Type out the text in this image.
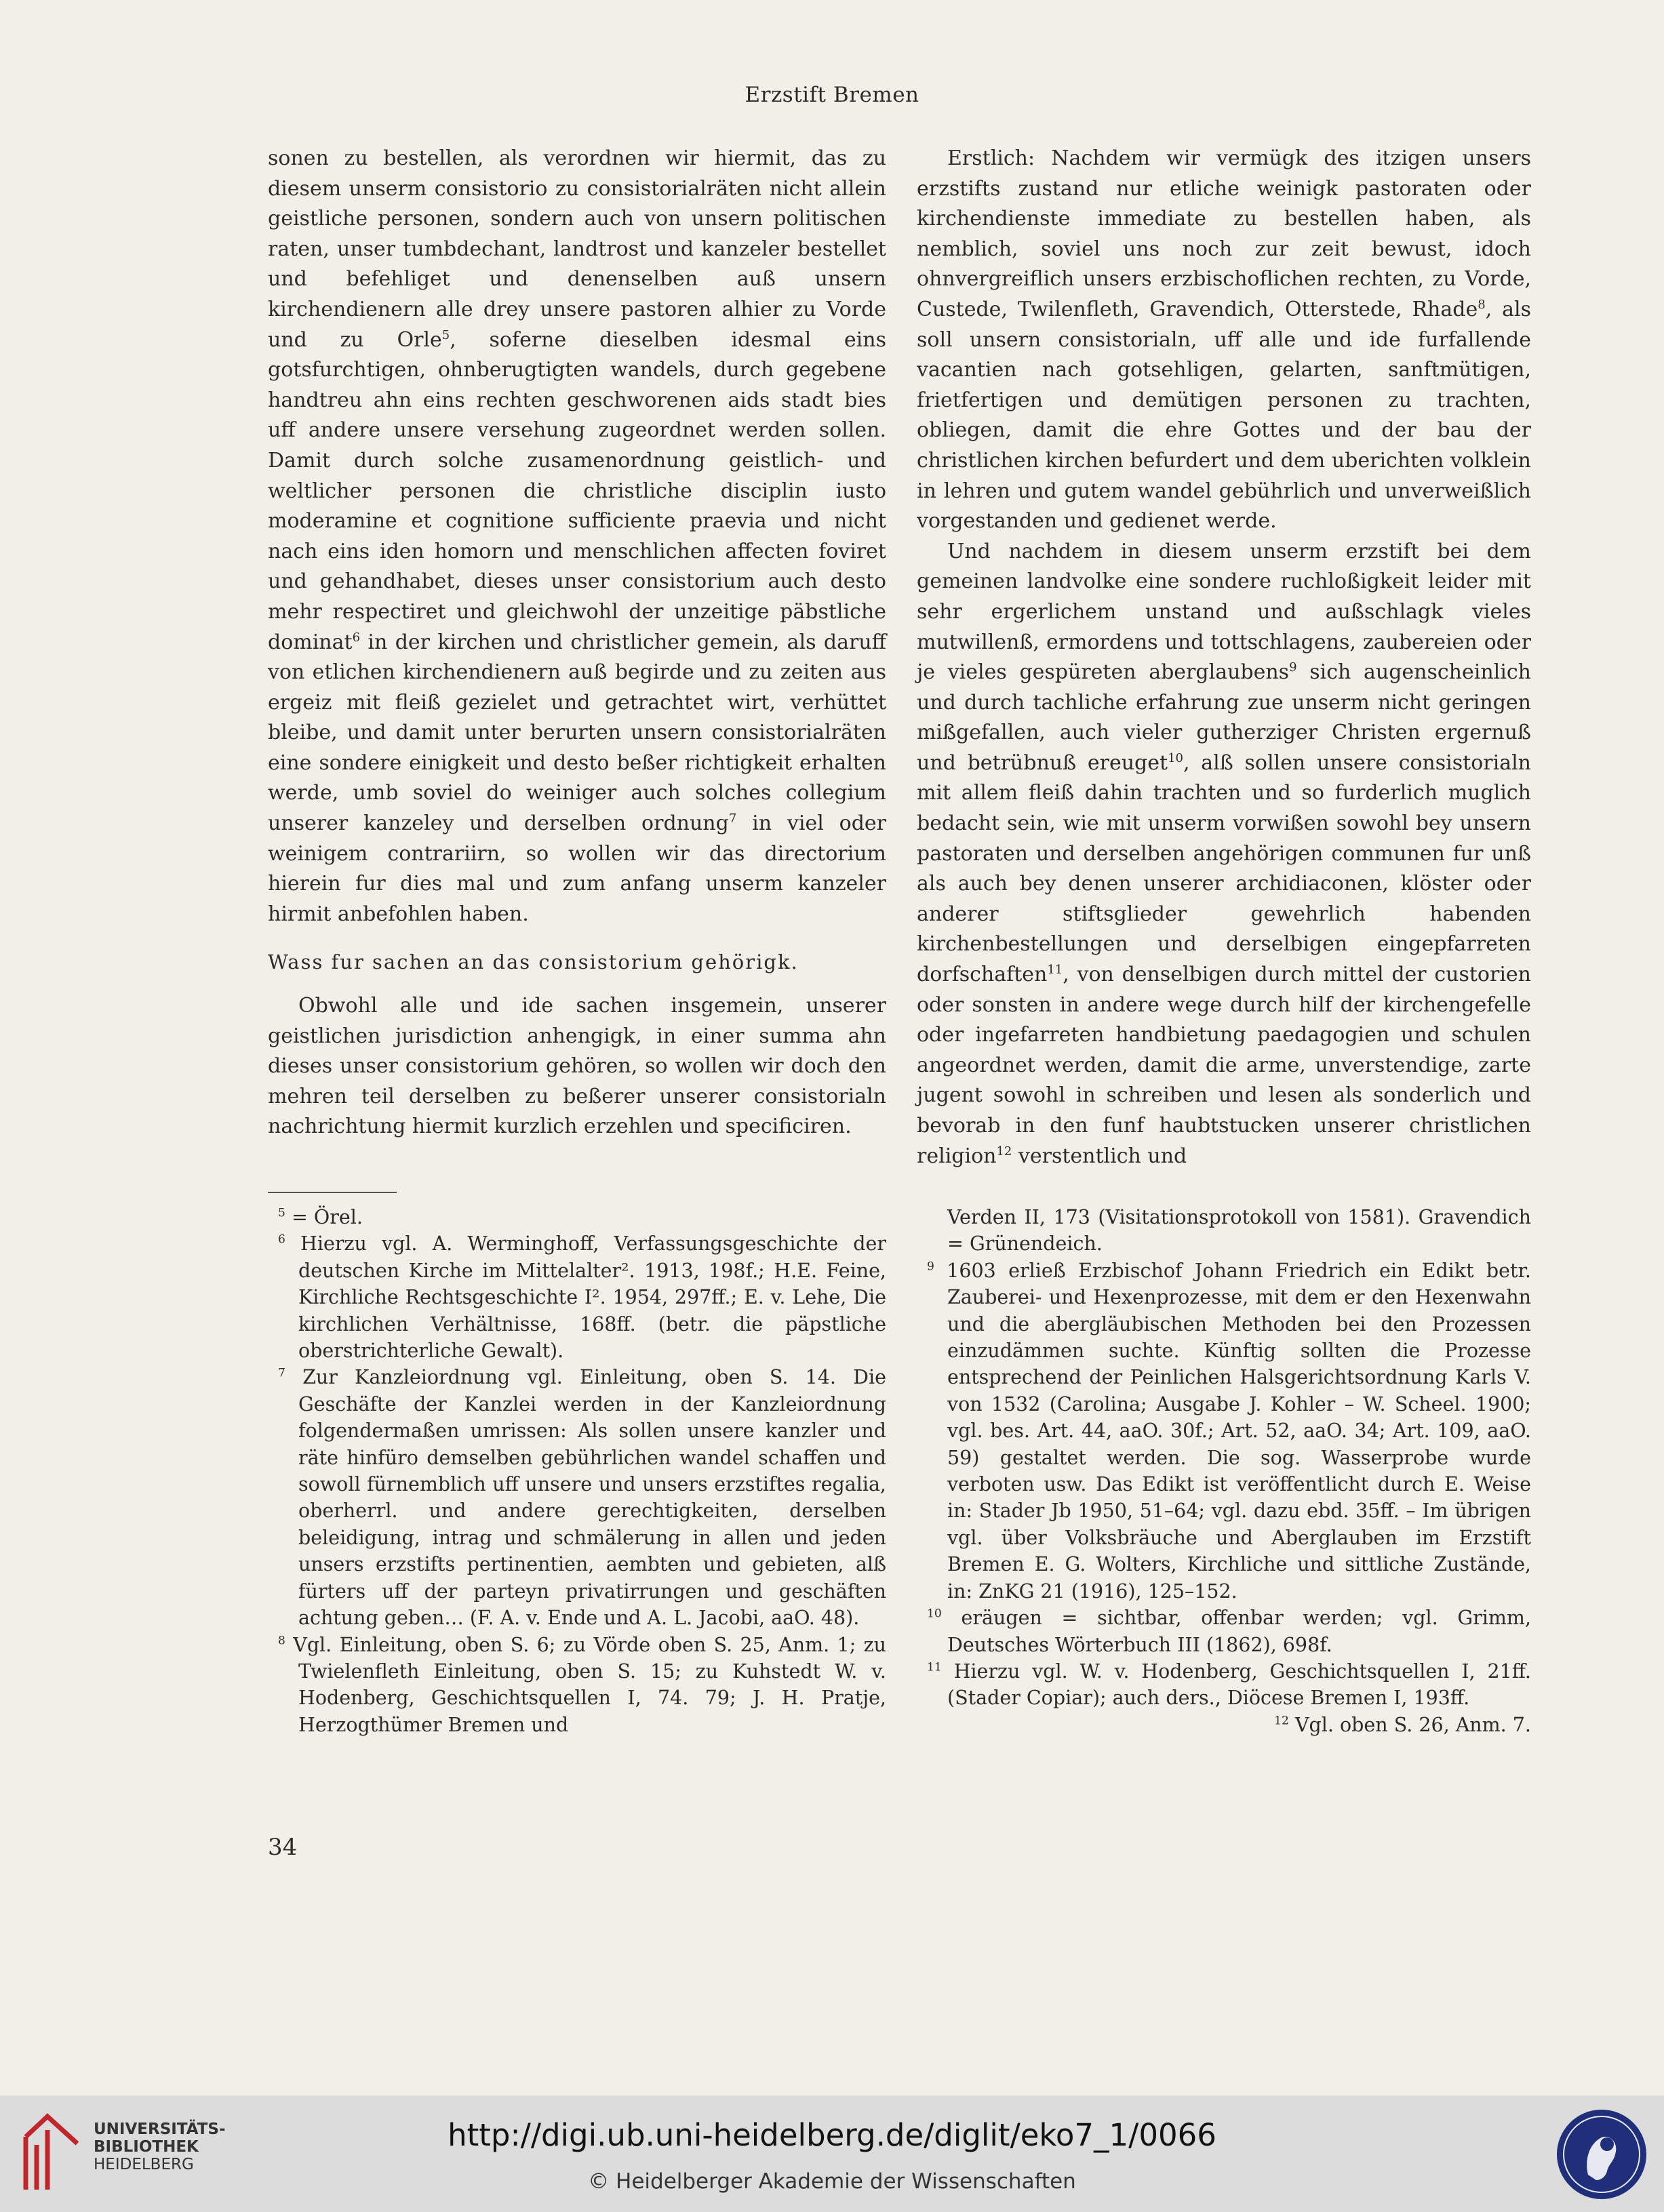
Erzstift Bremen

sonen zu bestellen, als verordnen wir hiermit, das zu diesem unserm consistorio zu consistorialräten nicht allein geistliche personen, sondern auch von unsern politischen raten, unser tumbdechant, landtrost und kanzeler bestellet und befehliget und denenselben auß unsern kirchendienern alle drey unsere pastoren alhier zu Vorde und zu Orle$^5$, soferne dieselben idesmal eins gotsfurchtigen, ohnberugtigten wandels, durch gegebene handtreu ahn eins rechten geschworenen aids stadt bies uff andere unsere versehung zugeordnet werden sollen. Damit durch solche zusamenordnung geistlich- und weltlicher personen die christliche disciplin iusto moderamine et cognitione sufficiente praevia und nicht nach eins iden homorn und menschlichen affecten foviret und gehandhabet, dieses unser consistorium auch desto mehr respectiret und gleichwohl der unzeitige päbstliche dominat$^6$ in der kirchen und christlicher gemein, als daruff von etlichen kirchendienern auß begirde und zu zeiten aus ergeiz mit fleiß gezielet und getrachtet wirt, verhüttet bleibe, und damit unter berurten unsern consistorialräten eine sondere einigkeit und desto beßer richtigkeit erhalten werde, umb soviel do weiniger auch solches collegium unserer kanzeley und derselben ordnung$^7$ in viel oder weinigem contrariirn, so wollen wir das directorium hierein fur dies mal und zum anfang unserm kanzeler hirmit anbefohlen haben.

Wass fur sachen an das consistorium gehörigk.

Obwohl alle und ide sachen insgemein, unserer geistlichen jurisdiction anhengigk, in einer summa ahn dieses unser consistorium gehören, so wollen wir doch den mehren teil derselben zu beßerer unserer consistorialn nachrichtung hiermit kurzlich erzehlen und specificiren.

Erstlich: Nachdem wir vermügk des itzigen unsers erzstifts zustand nur etliche weinigk pastoraten oder kirchendienste immediate zu bestellen haben, als nemblich, soviel uns noch zur zeit bewust, idoch ohnvergreiflich unsers erzbischoflichen rechten, zu Vorde, Custede, Twilenfleth, Gravendich, Otterstede, Rhade$^8$, als soll unsern consistorialn, uff alle und ide furfallende vacantien nach gotsehligen, gelarten, sanftmütigen, frietfertigen und demütigen personen zu trachten, obliegen, damit die ehre Gottes und der bau der christlichen kirchen befurdert und dem uberichten volklein in lehren und gutem wandel gebührlich und unverweißlich vorgestanden und gedienet werde.

Und nachdem in diesem unserm erzstift bei dem gemeinen landvolke eine sondere ruchloßigkeit leider mit sehr ergerlichem unstand und außschlagk vieles mutwillenß, ermordens und tottschlagens, zaubereien oder je vieles gespüreten aberglaubens$^9$ sich augenscheinlich und durch tachliche erfahrung zue unserm nicht geringen mißgefallen, auch vieler gutherziger Christen ergernuß und betrübnuß ereuget$^{10}$, alß sollen unsere consistorialn mit allem fleiß dahin trachten und so furderlich muglich bedacht sein, wie mit unserm vorwißen sowohl bey unsern pastoraten und derselben angehörigen communen fur unß als auch bey denen unserer archidiaconen, klöster oder anderer stiftsglieder gewehrlich habenden kirchenbestellungen und derselbigen eingepfarreten dorfschaften$^{11}$, von denselbigen durch mittel der custorien oder sonsten in andere wege durch hilf der kirchengefelle oder ingefarreten handbietung paedagogien und schulen angeordnet werden, damit die arme, unverstendige, zarte jugent sowohl in schreiben und lesen als sonderlich und bevorab in den funf haubtstucken unserer christlichen religion$^{12}$ verstentlich und

$^5$ = Örel.

$^6$ Hierzu vgl. A. Werminghoff, Verfassungsgeschichte der deutschen Kirche im Mittelalter². 1913, 198f.; H.E. Feine, Kirchliche Rechtsgeschichte I². 1954, 297ff.; E. v. Lehe, Die kirchlichen Verhältnisse, 168ff. (betr. die päpstliche oberstrichterliche Gewalt).

$^7$ Zur Kanzleiordnung vgl. Einleitung, oben S. 14. Die Geschäfte der Kanzlei werden in der Kanzleiordnung folgendermaßen umrissen: Als sollen unsere kanzler und räte hinfüro demselben gebührlichen wandel schaffen und sowoll fürnemblich uff unsere und unsers erzstiftes regalia, oberherrl. und andere gerechtigkeiten, derselben beleidigung, intrag und schmälerung in allen und jeden unsers erzstifts pertinentien, aembten und gebieten, alß fürters uff der parteyn privatirrungen und geschäften achtung geben… (F. A. v. Ende und A. L. Jacobi, aaO. 48).

$^8$ Vgl. Einleitung, oben S. 6; zu Vörde oben S. 25, Anm. 1; zu Twielenfleth Einleitung, oben S. 15; zu Kuhstedt W. v. Hodenberg, Geschichtsquellen I, 74. 79; J. H. Pratje, Herzogthümer Bremen und

Verden II, 173 (Visitationsprotokoll von 1581). Gravendich = Grünendeich.

$^9$ 1603 erließ Erzbischof Johann Friedrich ein Edikt betr. Zauberei- und Hexenprozesse, mit dem er den Hexenwahn und die abergläubischen Methoden bei den Prozessen einzudämmen suchte. Künftig sollten die Prozesse entsprechend der Peinlichen Halsgerichtsordnung Karls V. von 1532 (Carolina; Ausgabe J. Kohler – W. Scheel. 1900; vgl. bes. Art. 44, aaO. 30f.; Art. 52, aaO. 34; Art. 109, aaO. 59) gestaltet werden. Die sog. Wasserprobe wurde verboten usw. Das Edikt ist veröffentlicht durch E. Weise in: Stader Jb 1950, 51–64; vgl. dazu ebd. 35ff. – Im übrigen vgl. über Volksbräuche und Aberglauben im Erzstift Bremen E. G. Wolters, Kirchliche und sittliche Zustände, in: ZnKG 21 (1916), 125–152.

$^{10}$ eräugen = sichtbar, offenbar werden; vgl. Grimm, Deutsches Wörterbuch III (1862), 698f.

$^{11}$ Hierzu vgl. W. v. Hodenberg, Geschichtsquellen I, 21ff. (Stader Copiar); auch ders., Diöcese Bremen I, 193ff.
$^{12}$ Vgl. oben S. 26, Anm. 7.

34
UNIVERSITÄTS-
BIBLIOTHEK
HEIDELBERG
http://digi.ub.uni-heidelberg.de/diglit/eko7_1/0066
© Heidelberger Akademie der Wissenschaften
